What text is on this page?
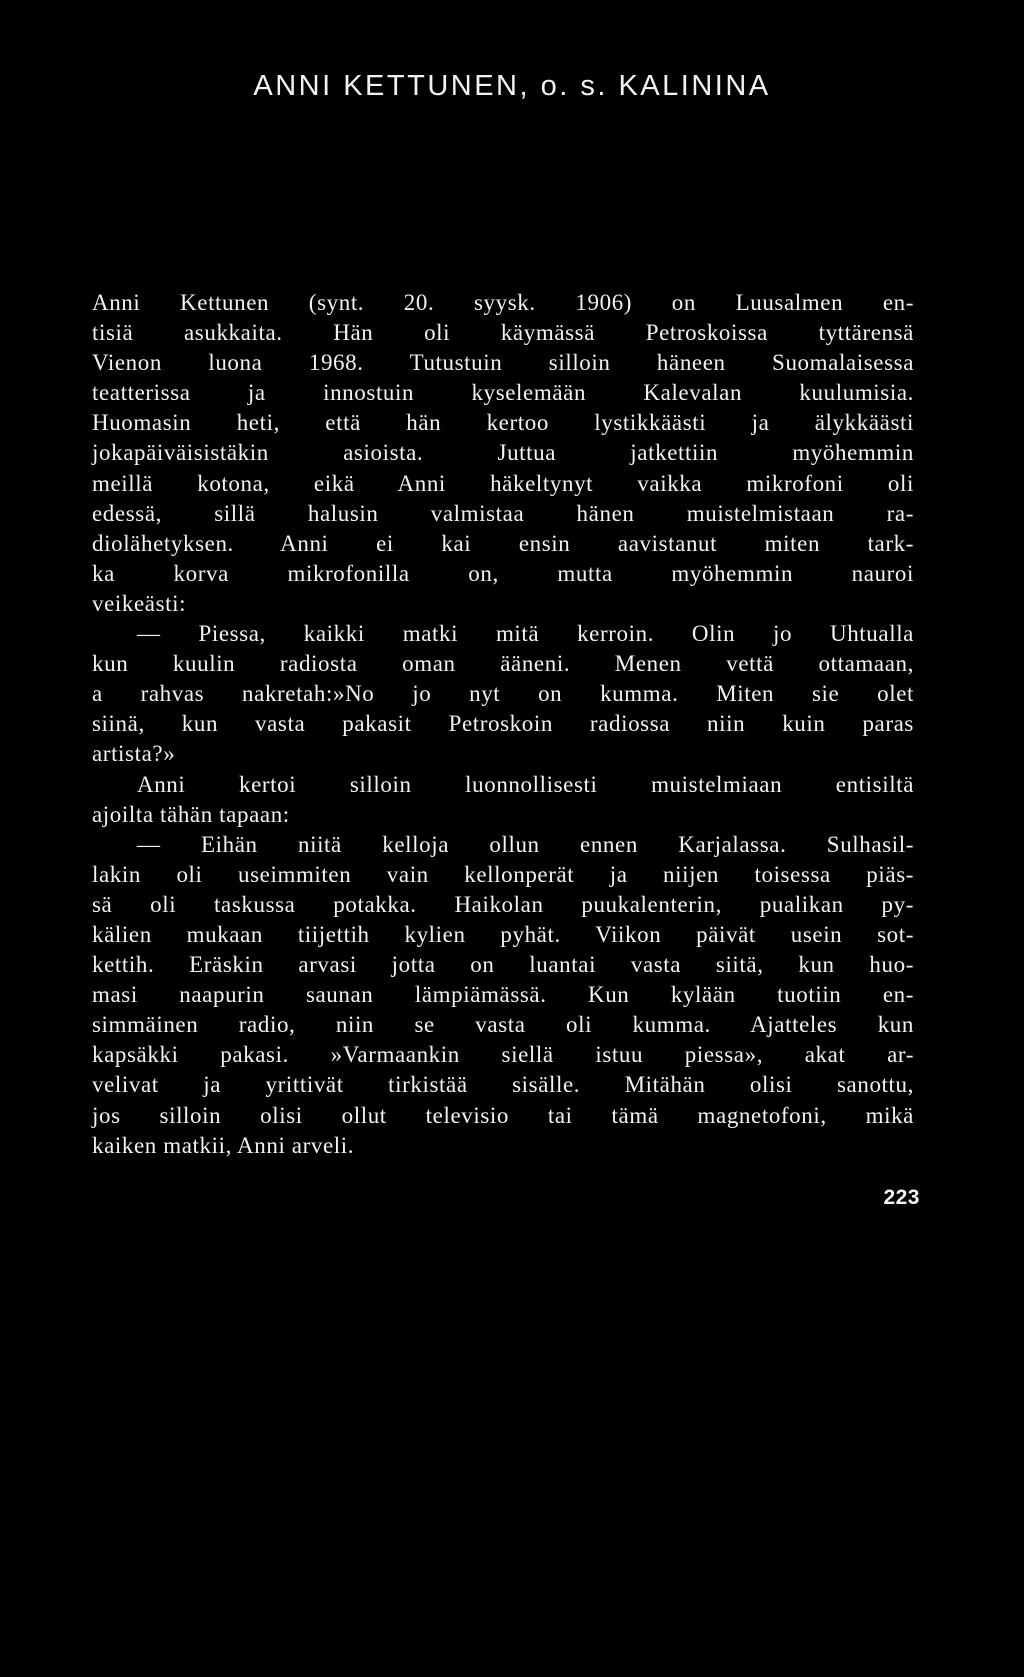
ANNI KETTUNEN, o. s. KALININA
Anni Kettunen (synt. 20. syysk. 1906) on Luusalmen en-
tisiä asukkaita. Hän oli käymässä Petroskoissa tyttärensä
Vienon luona 1968. Tutustuin silloin häneen Suomalaisessa
teatterissa ja innostuin kyselemään Kalevalan kuulumisia.
Huomasin heti, että hän kertoo lystikkäästi ja älykkäästi
jokapäiväisistäkin asioista. Juttua jatkettiin myöhemmin
meillä kotona, eikä Anni häkeltynyt vaikka mikrofoni oli
edessä, sillä halusin valmistaa hänen muistelmistaan ra-
diolähetyksen. Anni ei kai ensin aavistanut miten tark-
ka korva mikrofonilla on, mutta myöhemmin nauroi
veikeästi:
— Piessa, kaikki matki mitä kerroin. Olin jo Uhtualla
kun kuulin radiosta oman ääneni. Menen vettä ottamaan,
a rahvas nakretah:»No jo nyt on kumma. Miten sie olet
siinä, kun vasta pakasit Petroskoin radiossa niin kuin paras
artista?»
Anni kertoi silloin luonnollisesti muistelmiaan entisiltä
ajoilta tähän tapaan:
— Eihän niitä kelloja ollun ennen Karjalassa. Sulhasil-
lakin oli useimmiten vain kellonperät ja niijen toisessa piäs-
sä oli taskussa potakka. Haikolan puukalenterin, pualikan py-
kälien mukaan tiijettih kylien pyhät. Viikon päivät usein sot-
kettih. Eräskin arvasi jotta on luantai vasta siitä, kun huo-
masi naapurin saunan lämpiämässä. Kun kylään tuotiin en-
simmäinen radio, niin se vasta oli kumma. Ajatteles kun
kapsäkki pakasi. »Varmaankin siellä istuu piessa», akat ar-
velivat ja yrittivät tirkistää sisälle. Mitähän olisi sanottu,
jos silloin olisi ollut televisio tai tämä magnetofoni, mikä
kaiken matkii, Anni arveli.
223
